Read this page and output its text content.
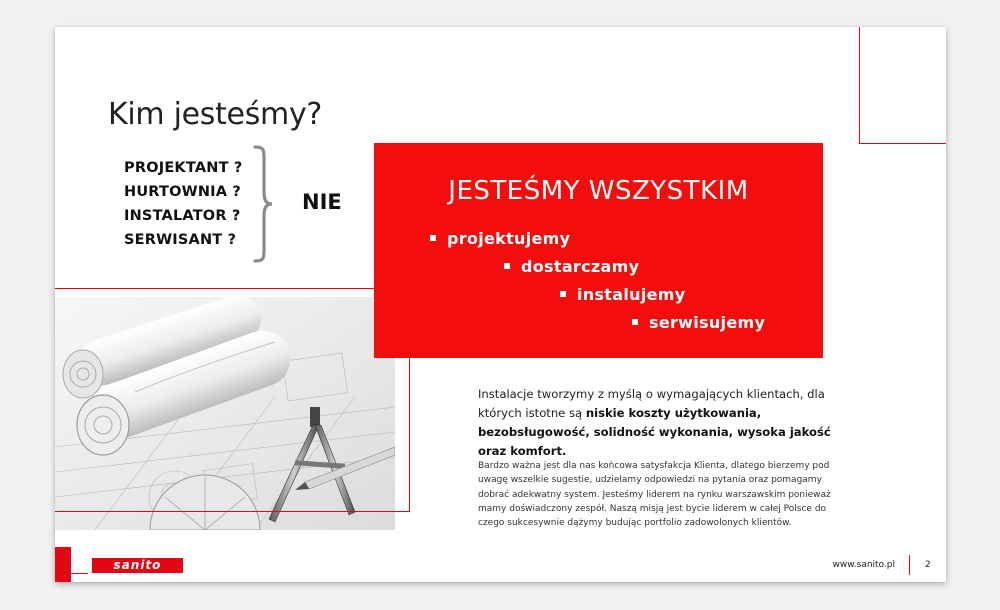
Kim jesteśmy?
PROJEKTANT ?
HURTOWNIA ?
INSTALATOR ?
SERWISANT ?
NIE	JESTEŚMY WSZYSTKIM
projektujemy
dostarczamy
instalujemy
serwisujemy

Instalacje tworzymy z myślą o wymagających klientach, dla których istotne są niskie koszty użytkowania, bezobsługowość, solidność wykonania, wysoka jakość oraz komfort.

Bardzo ważna jest dla nas końcowa satysfakcja Klienta, dlatego bierzemy pod uwagę wszelkie sugestie, udzielamy odpowiedzi na pytania oraz pomagamy dobrać adekwatny system. Jesteśmy liderem na rynku warszawskim ponieważ mamy doświadczony zespół. Naszą misją jest bycie liderem w całej Polsce do czego sukcesywnie dążymy budując portfolio zadowolonych klientów.

sanito	www.sanito.pl	2
